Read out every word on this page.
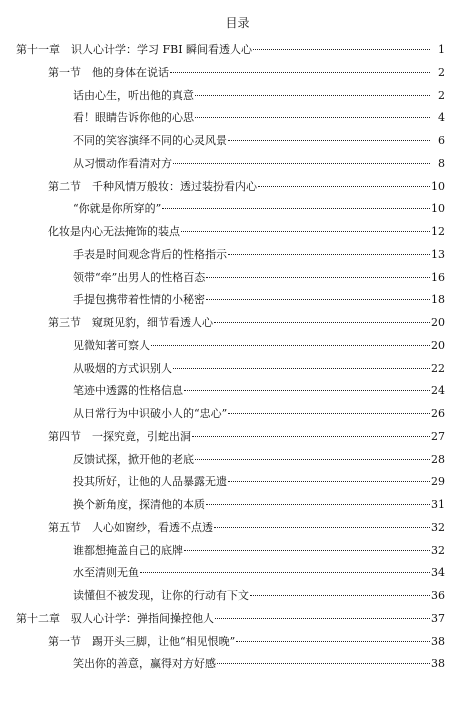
目录
第十一章　识人心计学：学习 FBI 瞬间看透人心	1
第一节　他的身体在说话	2
话由心生，听出他的真意	2
看！眼睛告诉你他的心思	4
不同的笑容演绎不同的心灵风景	6
从习惯动作看清对方	8
第二节　千种风情万般妆：透过装扮看内心	10
“你就是你所穿的”	10
化妆是内心无法掩饰的装点	12
手表是时间观念背后的性格指示	13
领带“牵”出男人的性格百态	16
手提包携带着性情的小秘密	18
第三节　窥斑见豹，细节看透人心	20
见微知著可察人	20
从吸烟的方式识别人	22
笔迹中透露的性格信息	24
从日常行为中识破小人的“忠心”	26
第四节　一探究竟，引蛇出洞	27
反馈试探，掀开他的老底	28
投其所好，让他的人品暴露无遗	29
换个新角度，探清他的本质	31
第五节　人心如窗纱，看透不点透	32
谁都想掩盖自己的底牌	32
水至清则无鱼	34
读懂但不被发现，让你的行动有下文	36
第十二章　驭人心计学：弹指间操控他人	37
第一节　踢开头三脚，让他“相见恨晚”	38
笑出你的善意，赢得对方好感	38
